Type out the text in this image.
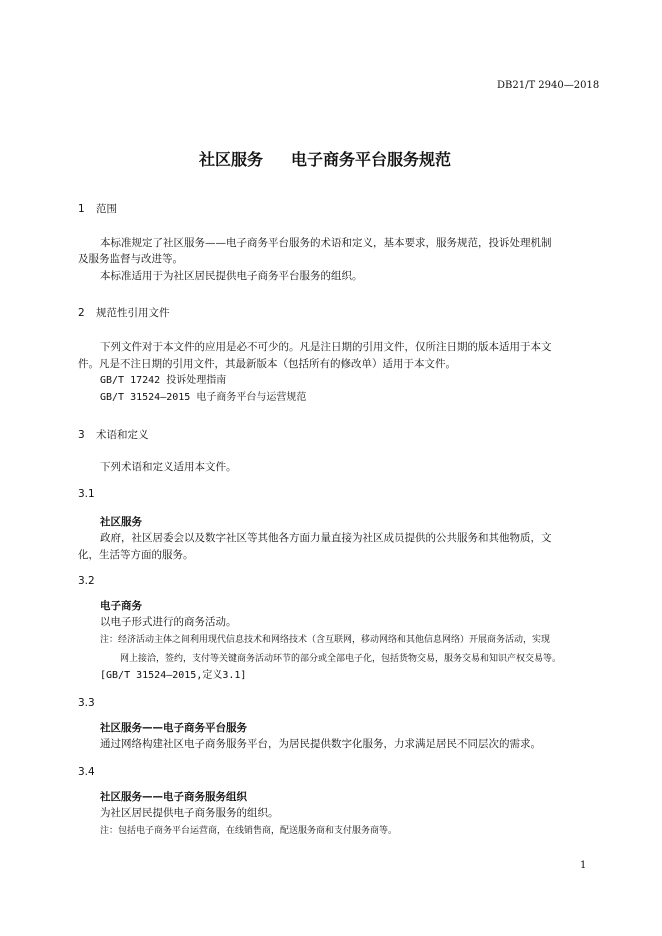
DB21/T 2940—2018
社区服务 电子商务平台服务规范
1 范围
本标准规定了社区服务——电子商务平台服务的术语和定义，基本要求，服务规范，投诉处理机制
及服务监督与改进等。
本标准适用于为社区居民提供电子商务平台服务的组织。
2 规范性引用文件
下列文件对于本文件的应用是必不可少的。凡是注日期的引用文件，仅所注日期的版本适用于本文
件。凡是不注日期的引用文件，其最新版本（包括所有的修改单）适用于本文件。
GB/T 17242 投诉处理指南
GB/T 31524—2015 电子商务平台与运营规范
3 术语和定义
下列术语和定义适用本文件。
3.1
社区服务
政府，社区居委会以及数字社区等其他各方面力量直接为社区成员提供的公共服务和其他物质，文
化，生活等方面的服务。
3.2
电子商务
以电子形式进行的商务活动。
注：经济活动主体之间利用现代信息技术和网络技术（含互联网，移动网络和其他信息网络）开展商务活动，实现
网上接洽，签约，支付等关键商务活动环节的部分或全部电子化，包括货物交易，服务交易和知识产权交易等。
[GB/T 31524—2015,定义3.1]
3.3
社区服务——电子商务平台服务
通过网络构建社区电子商务服务平台，为居民提供数字化服务，力求满足居民不同层次的需求。
3.4
社区服务——电子商务服务组织
为社区居民提供电子商务服务的组织。
注：包括电子商务平台运营商，在线销售商，配送服务商和支付服务商等。
1
